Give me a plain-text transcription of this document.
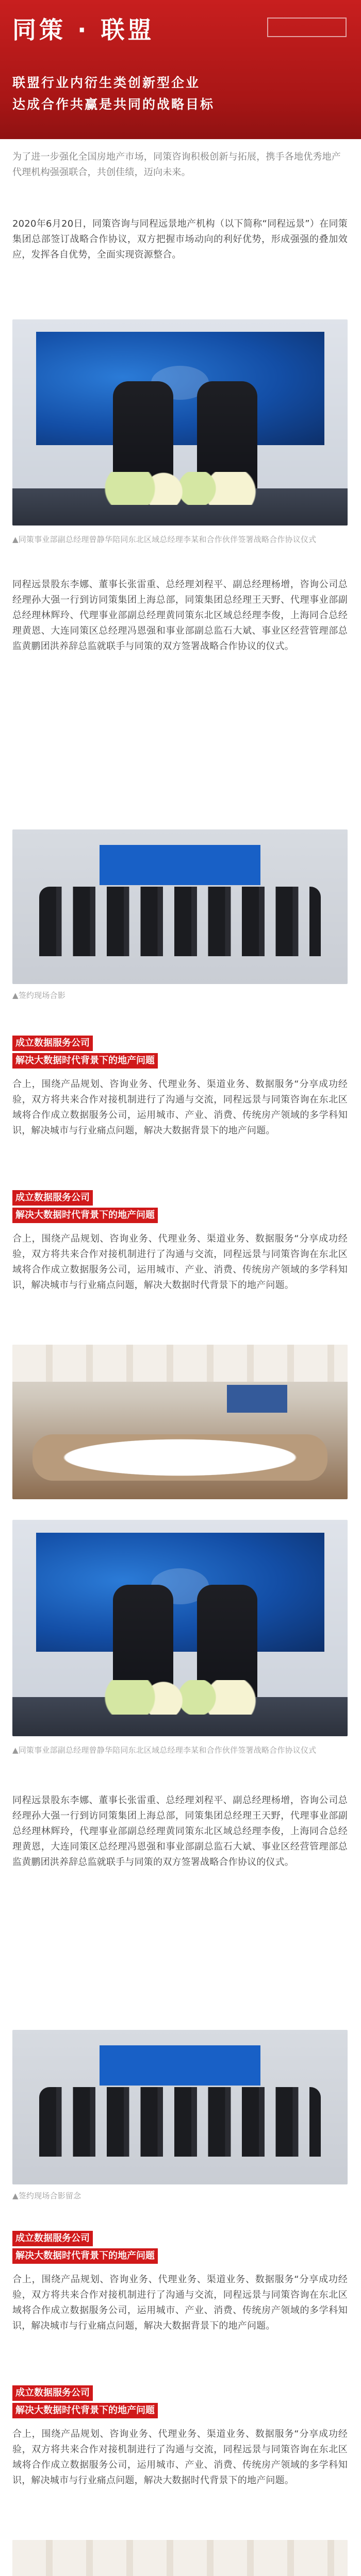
同策 · 联盟
联盟行业内衍生类创新型企业
达成合作共赢是共同的战略目标
为了进一步强化全国房地产市场，同策咨询积极创新与拓展，携手各地优秀地产代理机构强强联合，共创佳绩，迈向未来。
2020年6月20日，同策咨询与同程远景地产机构（以下简称“同程远景”）在同策集团总部签订战略合作协议，双方把握市场动向的利好优势，形成强强的叠加效应，发挥各自优势，全面实现资源整合。
▲同策事业部副总经理曾静华陪同东北区域总经理李某和合作伙伴签署战略合作协议仪式
同程远景股东李娜、董事长张雷重、总经理刘程平、副总经理杨增，咨询公司总经理孙大强一行到访同策集团上海总部，同策集团总经理王天野、代理事业部副总经理林辉玲、代理事业部副总经理黄同策东北区域总经理李俊，上海同合总经理黄恩、大连同策区总经理冯恩强和事业部副总监石大斌、事业区经营管理部总监黄鹏团洪养辞总监就联手与同策的双方签署战略合作协议的仪式。
▲签约现场合影
成立数据服务公司
解决大数据时代背景下的地产问题
合上，围绕产品规划、咨询业务、代理业务、渠道业务、数据服务“分享成功经验，双方将共来合作对接机制进行了沟通与交流，同程远景与同策咨询在东北区域将合作成立数据服务公司，运用城市、产业、消费、传统房产领域的多学科知识，解决城市与行业痛点问题，解决大数据背景下的地产问题。
成立数据服务公司
解决大数据时代背景下的地产问题
合上，围绕产品规划、咨询业务、代理业务、渠道业务、数据服务“分享成功经验，双方将共来合作对接机制进行了沟通与交流，同程远景与同策咨询在东北区域将合作成立数据服务公司，运用城市、产业、消费、传统房产领域的多学科知识，解决城市与行业痛点问题，解决大数据时代背景下的地产问题。
▲同策事业部副总经理曾静华陪同东北区域总经理李某和合作伙伴签署战略合作协议仪式
同程远景股东李娜、董事长张雷重、总经理刘程平、副总经理杨增，咨询公司总经理孙大强一行到访同策集团上海总部，同策集团总经理王天野，代理事业部副总经理林辉玲，代理事业部副总经理黄同策东北区域总经理李俊，上海同合总经理黄恩，大连同策区总经理冯恩强和事业部副总监石大斌、事业区经营管理部总监黄鹏团洪养辞总监就联手与同策的双方签署战略合作协议的仪式。
▲签约现场合影留念
成立数据服务公司
解决大数据时代背景下的地产问题
合上，围绕产品规划、咨询业务、代理业务、渠道业务、数据服务“分享成功经验，双方将共来合作对接机制进行了沟通与交流，同程远景与同策咨询在东北区域将合作成立数据服务公司，运用城市、产业、消费、传统房产领域的多学科知识，解决城市与行业痛点问题，解决大数据背景下的地产问题。
成立数据服务公司
解决大数据时代背景下的地产问题
合上，围绕产品规划、咨询业务、代理业务、渠道业务、数据服务“分享成功经验，双方将共来合作对接机制进行了沟通与交流，同程远景与同策咨询在东北区域将合作成立数据服务公司，运用城市、产业、消费、传统房产领域的多学科知识，解决城市与行业痛点问题，解决大数据时代背景下的地产问题。
